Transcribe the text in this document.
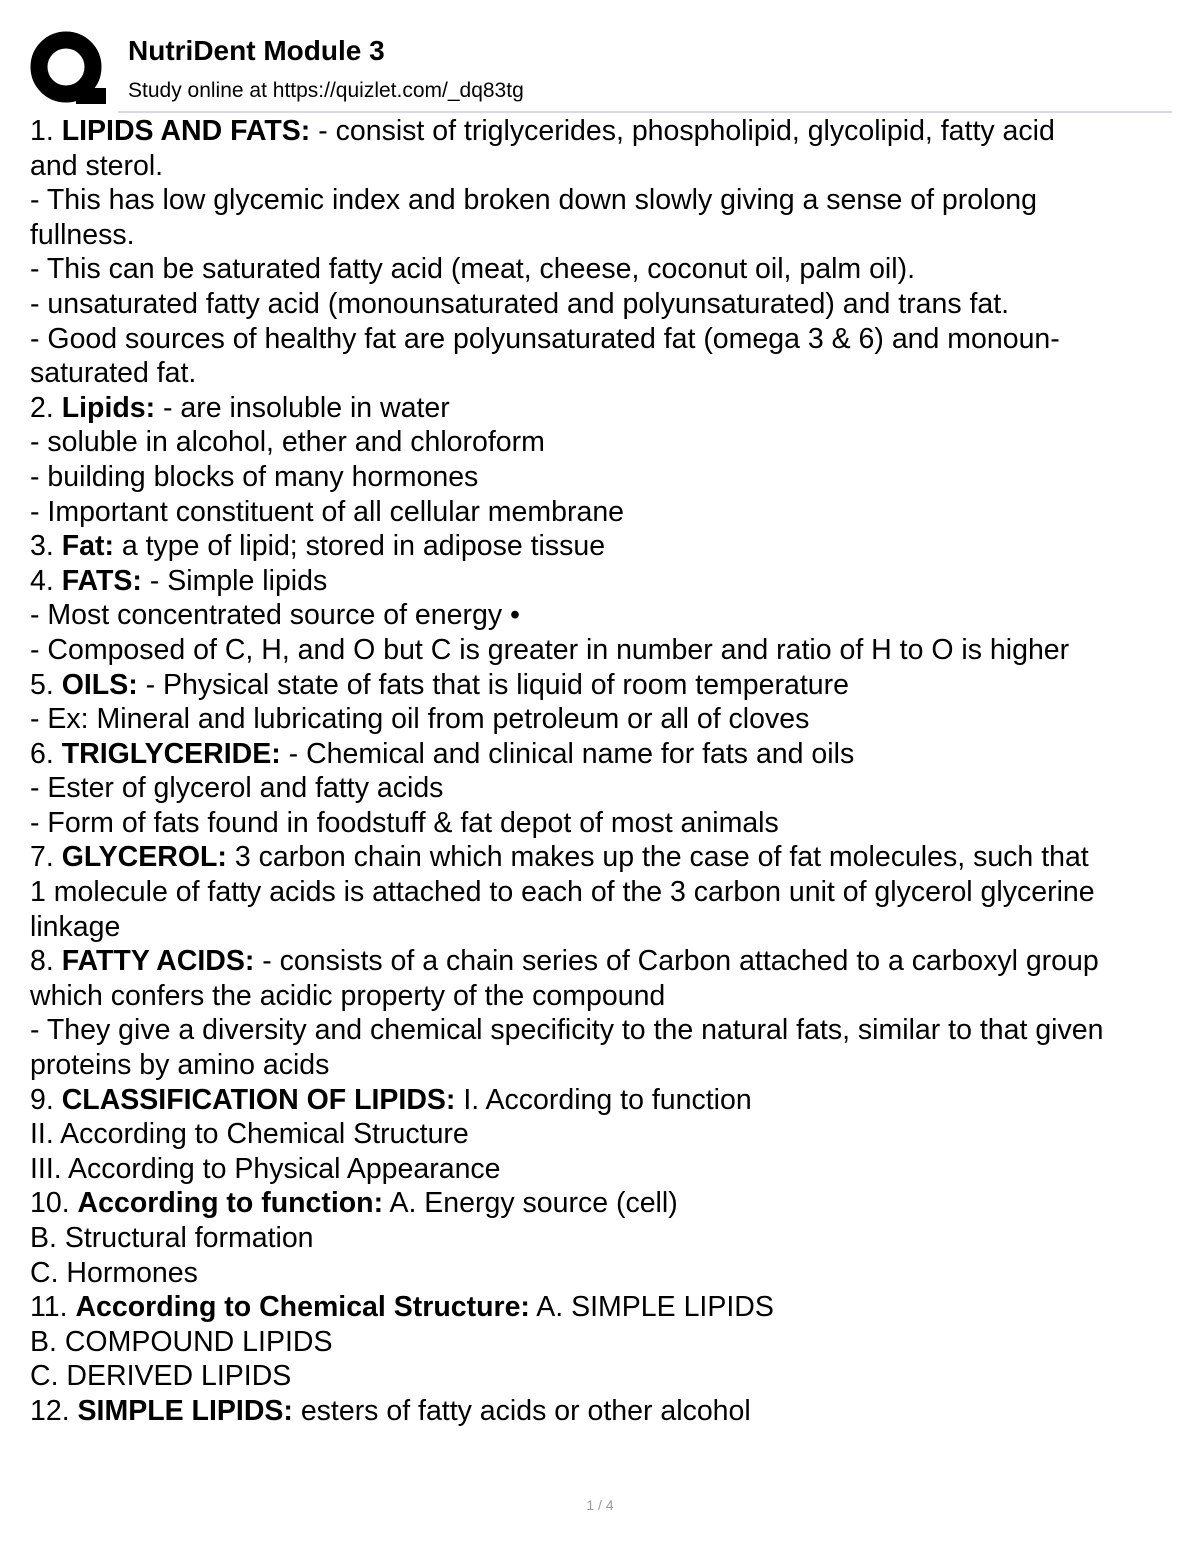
NutriDent Module 3
Study online at https://quizlet.com/_dq83tg

1. LIPIDS AND FATS: - consist of triglycerides, phospholipid, glycolipid, fatty acid

and sterol.

- This has low glycemic index and broken down slowly giving a sense of prolong

fullness.

- This can be saturated fatty acid (meat, cheese, coconut oil, palm oil).

- unsaturated fatty acid (monounsaturated and polyunsaturated) and trans fat.

- Good sources of healthy fat are polyunsaturated fat (omega 3 & 6) and monoun-

saturated fat.

2. Lipids: - are insoluble in water

- soluble in alcohol, ether and chloroform

- building blocks of many hormones

- Important constituent of all cellular membrane

3. Fat: a type of lipid; stored in adipose tissue

4. FATS: - Simple lipids

- Most concentrated source of energy •

- Composed of C, H, and O but C is greater in number and ratio of H to O is higher

5. OILS: - Physical state of fats that is liquid of room temperature

- Ex: Mineral and lubricating oil from petroleum or all of cloves

6. TRIGLYCERIDE: - Chemical and clinical name for fats and oils

- Ester of glycerol and fatty acids

- Form of fats found in foodstuff & fat depot of most animals

7. GLYCEROL: 3 carbon chain which makes up the case of fat molecules, such that

1 molecule of fatty acids is attached to each of the 3 carbon unit of glycerol glycerine

linkage

8. FATTY ACIDS: - consists of a chain series of Carbon attached to a carboxyl group

which confers the acidic property of the compound

- They give a diversity and chemical specificity to the natural fats, similar to that given

proteins by amino acids

9. CLASSIFICATION OF LIPIDS: I. According to function

II. According to Chemical Structure

III. According to Physical Appearance

10. According to function: A. Energy source (cell)

B. Structural formation

C. Hormones

11. According to Chemical Structure: A. SIMPLE LIPIDS

B. COMPOUND LIPIDS

C. DERIVED LIPIDS

12. SIMPLE LIPIDS: esters of fatty acids or other alcohol

1 / 4
